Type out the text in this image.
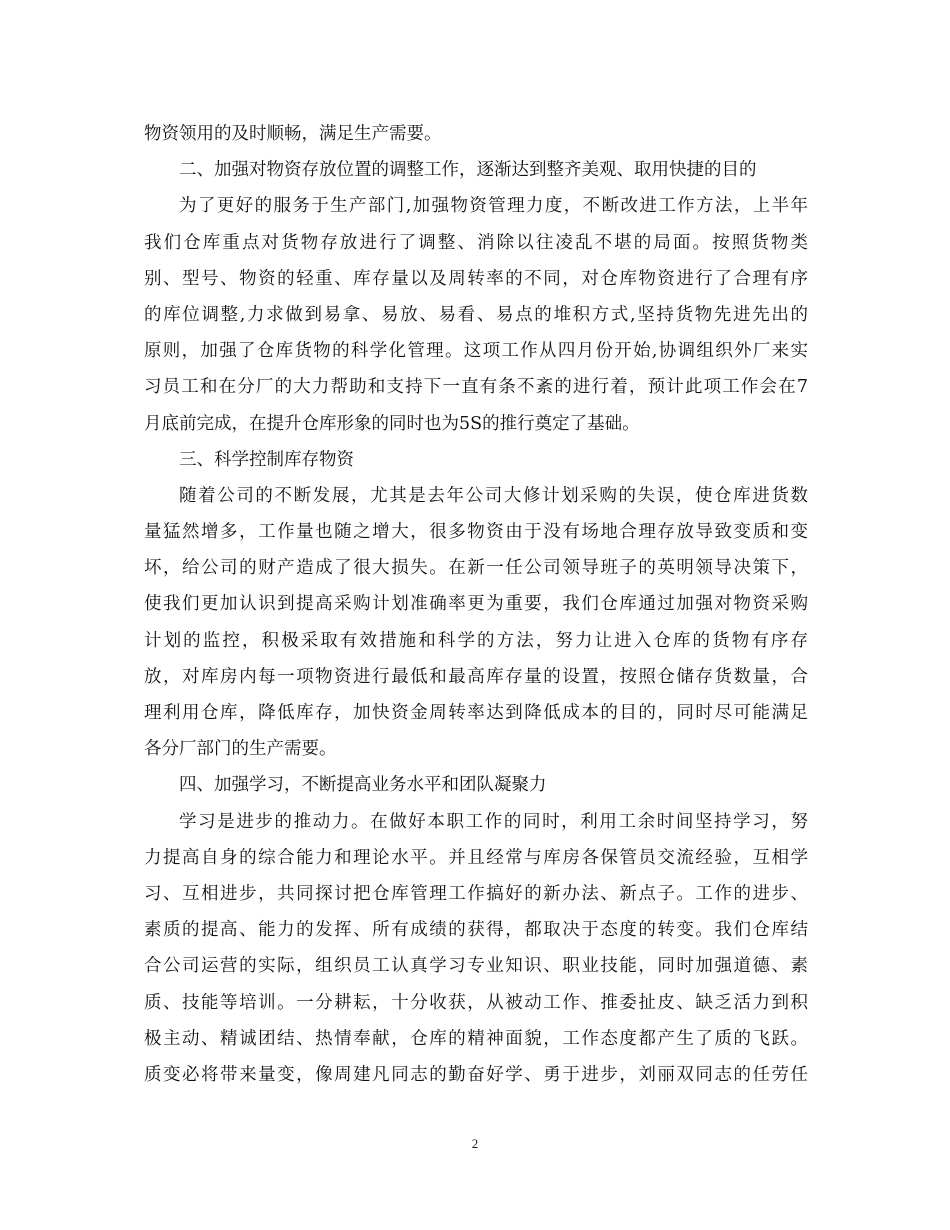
物资领用的及时顺畅，满足生产需要。
二、加强对物资存放位置的调整工作，逐渐达到整齐美观、取用快捷的目的
为了更好的服务于生产部门,加强物资管理力度，不断改进工作方法，上半年
我们仓库重点对货物存放进行了调整、消除以往凌乱不堪的局面。按照货物类
别、型号、物资的轻重、库存量以及周转率的不同，对仓库物资进行了合理有序
的库位调整,力求做到易拿、易放、易看、易点的堆积方式,坚持货物先进先出的
原则，加强了仓库货物的科学化管理。这项工作从四月份开始,协调组织外厂来实
习员工和在分厂的大力帮助和支持下一直有条不紊的进行着，预计此项工作会在7
月底前完成，在提升仓库形象的同时也为5S的推行奠定了基础。
三、科学控制库存物资
随着公司的不断发展，尤其是去年公司大修计划采购的失误，使仓库进货数
量猛然增多，工作量也随之增大，很多物资由于没有场地合理存放导致变质和变
坏，给公司的财产造成了很大损失。在新一任公司领导班子的英明领导决策下，
使我们更加认识到提高采购计划准确率更为重要，我们仓库通过加强对物资采购
计划的监控，积极采取有效措施和科学的方法，努力让进入仓库的货物有序存
放，对库房内每一项物资进行最低和最高库存量的设置，按照仓储存货数量，合
理利用仓库，降低库存，加快资金周转率达到降低成本的目的，同时尽可能满足
各分厂部门的生产需要。
四、加强学习，不断提高业务水平和团队凝聚力
学习是进步的推动力。在做好本职工作的同时，利用工余时间坚持学习，努
力提高自身的综合能力和理论水平。并且经常与库房各保管员交流经验，互相学
习、互相进步，共同探讨把仓库管理工作搞好的新办法、新点子。工作的进步、
素质的提高、能力的发挥、所有成绩的获得，都取决于态度的转变。我们仓库结
合公司运营的实际，组织员工认真学习专业知识、职业技能，同时加强道德、素
质、技能等培训。一分耕耘，十分收获，从被动工作、推委扯皮、缺乏活力到积
极主动、精诚团结、热情奉献，仓库的精神面貌，工作态度都产生了质的飞跃。
质变必将带来量变，像周建凡同志的勤奋好学、勇于进步，刘丽双同志的任劳任
2
